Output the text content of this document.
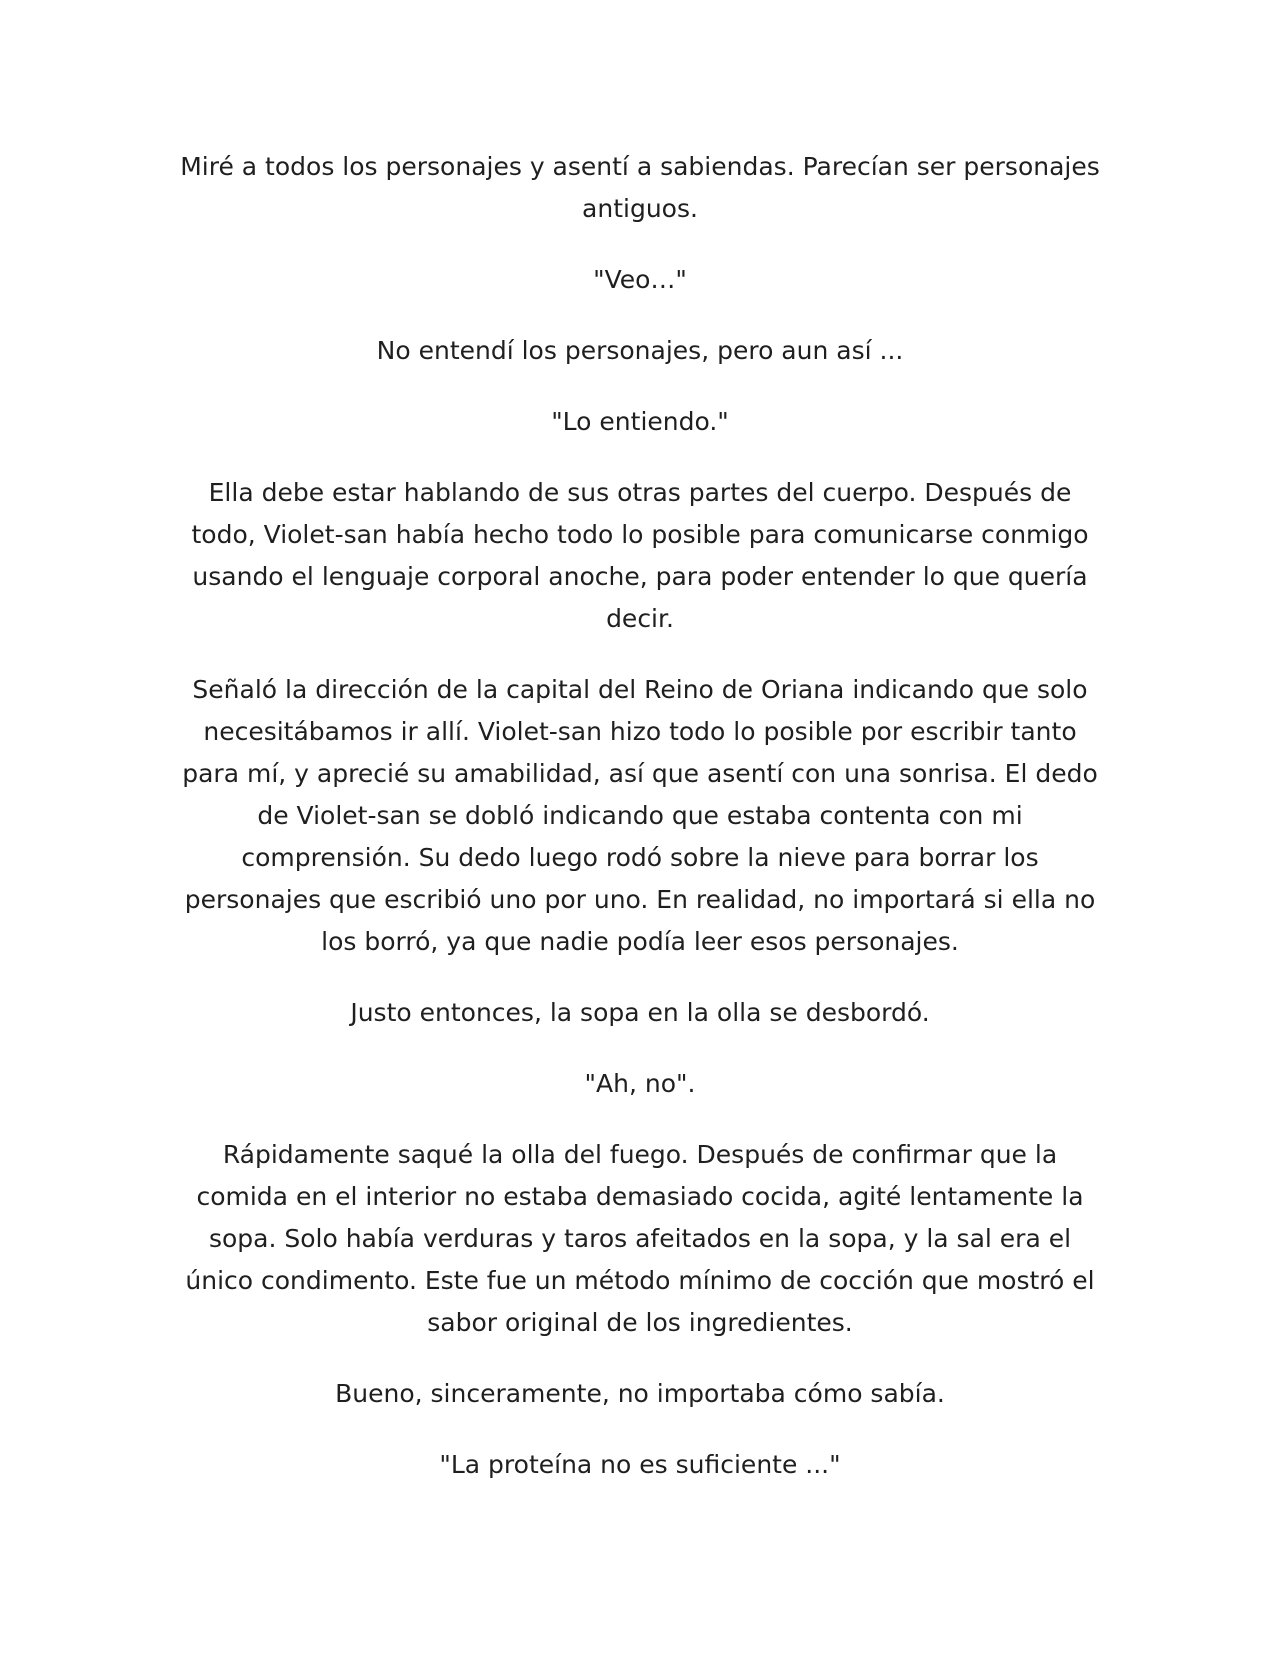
Miré a todos los personajes y asentí a sabiendas. Parecían ser personajes antiguos.

"Veo…"

No entendí los personajes, pero aun así ...

"Lo entiendo."

Ella debe estar hablando de sus otras partes del cuerpo. Después de todo, Violet-san había hecho todo lo posible para comunicarse conmigo usando el lenguaje corporal anoche, para poder entender lo que quería decir.

Señaló la dirección de la capital del Reino de Oriana indicando que solo necesitábamos ir allí. Violet-san hizo todo lo posible por escribir tanto para mí, y aprecié su amabilidad, así que asentí con una sonrisa. El dedo de Violet-san se dobló indicando que estaba contenta con mi comprensión. Su dedo luego rodó sobre la nieve para borrar los personajes que escribió uno por uno. En realidad, no importará si ella no los borró, ya que nadie podía leer esos personajes.

Justo entonces, la sopa en la olla se desbordó.

"Ah, no".

Rápidamente saqué la olla del fuego. Después de confirmar que la comida en el interior no estaba demasiado cocida, agité lentamente la sopa. Solo había verduras y taros afeitados en la sopa, y la sal era el único condimento. Este fue un método mínimo de cocción que mostró el sabor original de los ingredientes.

Bueno, sinceramente, no importaba cómo sabía.

"La proteína no es suficiente ..."
